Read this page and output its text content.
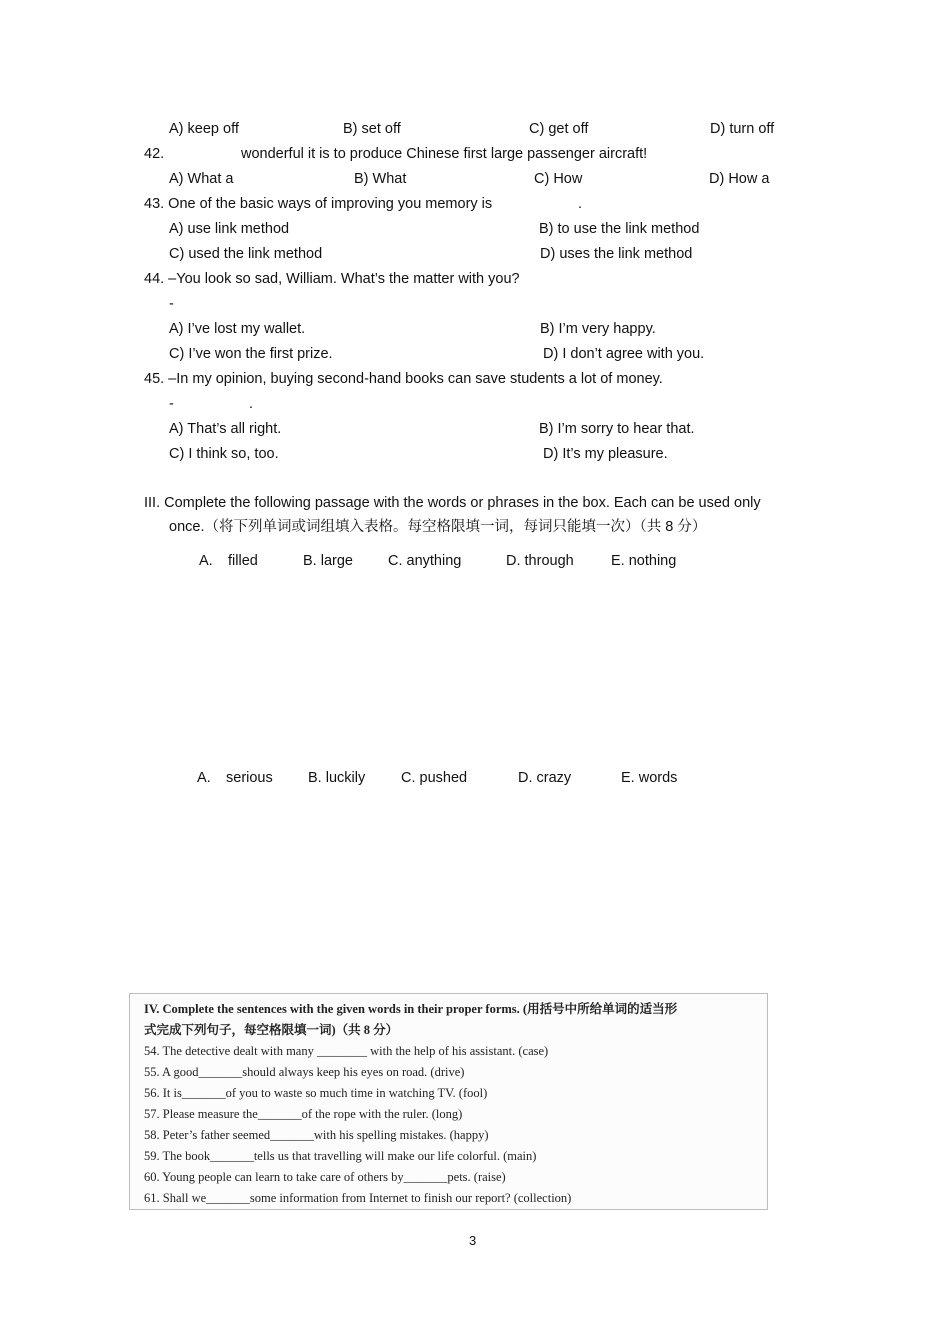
A) keep off	B) set off	C) get off	D) turn off
42.	wonderful it is to produce Chinese first large passenger aircraft!
A) What a	B) What	C) How	D) How a
43. One of the basic ways of improving you memory is	.
A) use link method	B) to use the link method
C) used the link method	D) uses the link method
44. –You look so sad, William. What’s the matter with you?
-
A) I’ve lost my wallet.	B) I’m very happy.
C) I’ve won the first prize.	D) I don’t agree with you.
45. –In my opinion, buying second-hand books can save students a lot of money.
-	.
A) That’s all right.	B) I’m sorry to hear that.
C) I think so, too.	D) It’s my pleasure.
III. Complete the following passage with the words or phrases in the box. Each can be used only
once.（将下列单词或词组填入表格。每空格限填一词，每词只能填一次）（共 8 分）
A. filled	B. large C. anything	D. through	E. nothing
A. serious B. luckily C. pushed	D. crazy	E. words
IV. Complete the sentences with the given words in their proper forms. (用括号中所给单词的适当形
式完成下列句子，每空格限填一词)（共 8 分）
54. The detective dealt with many ________ with the help of his assistant. (case)
55. A good_______should always keep his eyes on road. (drive)
56. It is_______of you to waste so much time in watching TV. (fool)
57. Please measure the_______of the rope with the ruler. (long)
58. Peter’s father seemed_______with his spelling mistakes. (happy)
59. The book_______tells us that travelling will make our life colorful. (main)
60. Young people can learn to take care of others by_______pets. (raise)
61. Shall we_______some information from Internet to finish our report? (collection)
3
